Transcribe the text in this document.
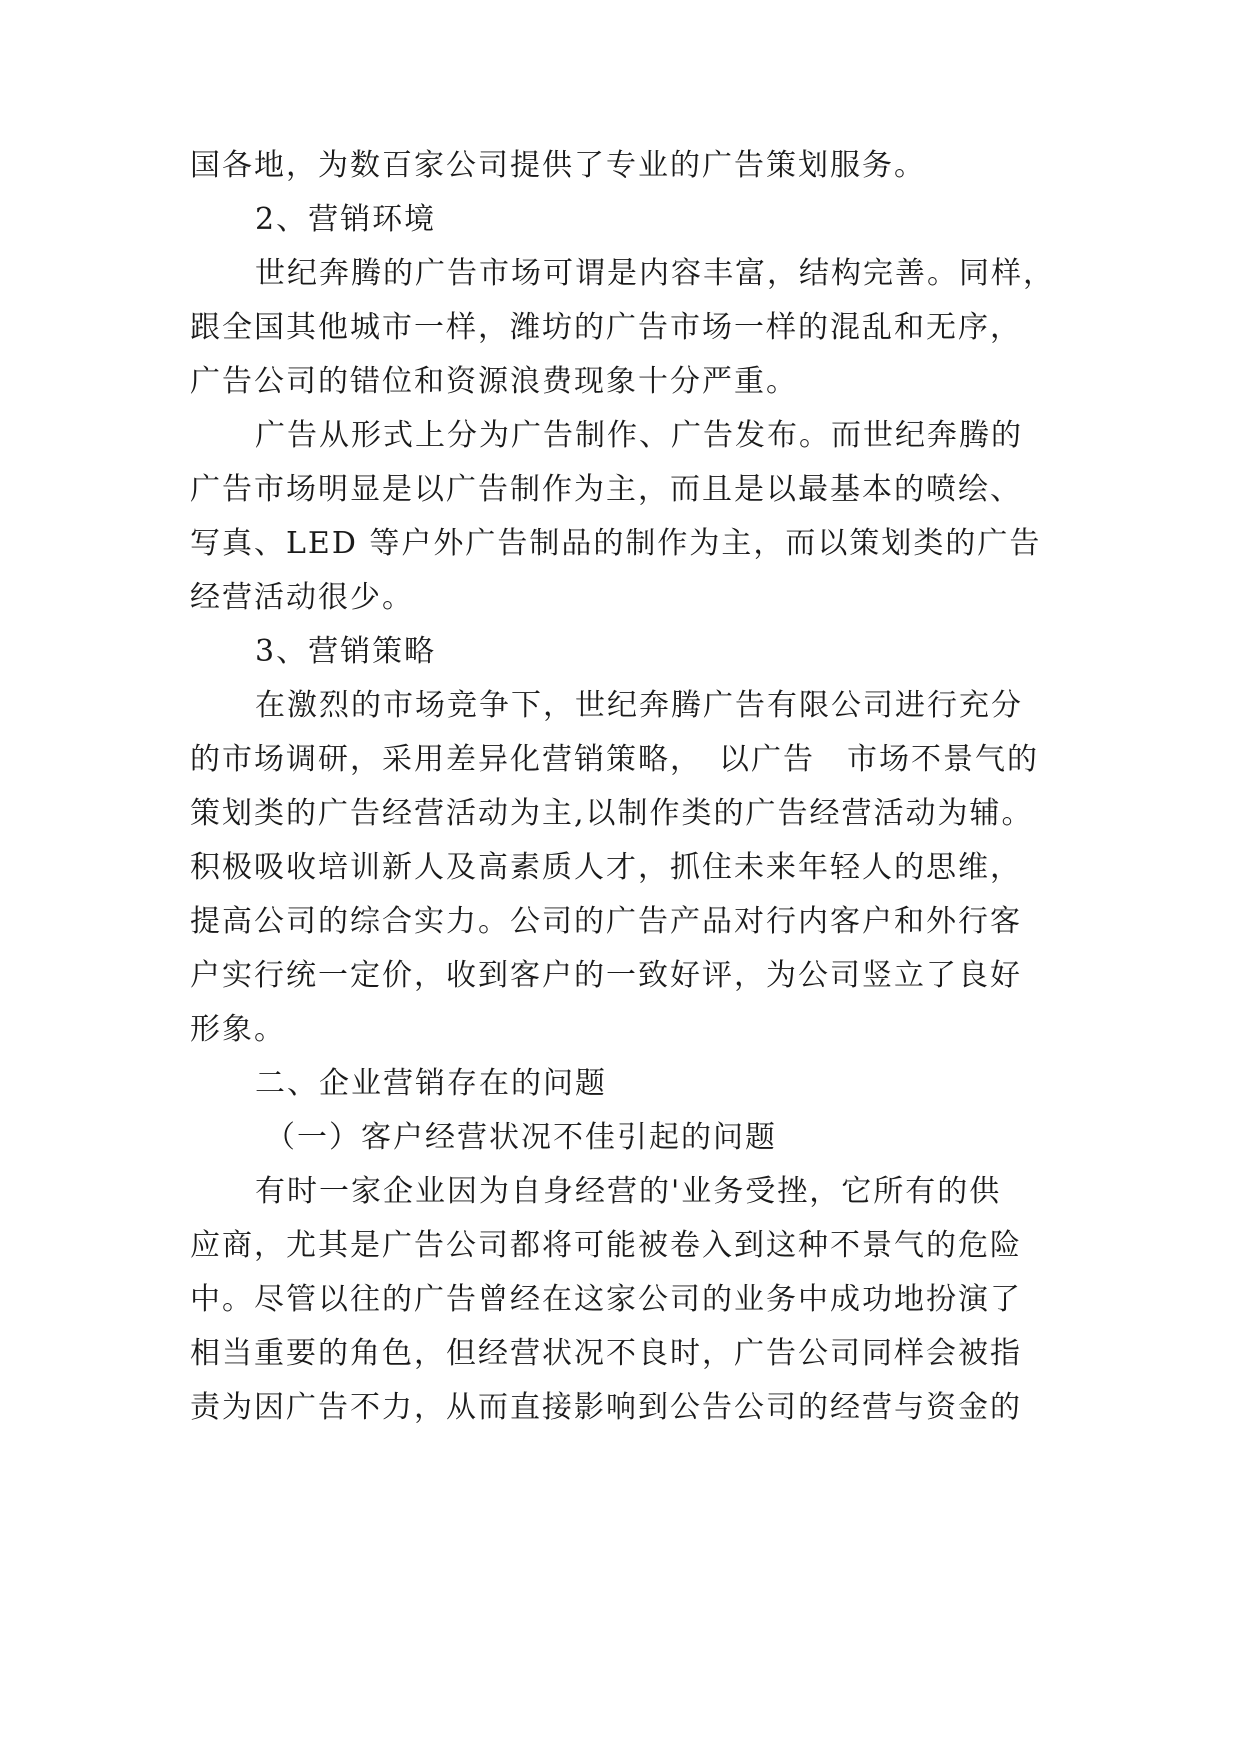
国各地，为数百家公司提供了专业的广告策划服务。
2、营销环境
世纪奔腾的广告市场可谓是内容丰富，结构完善。同样，
跟全国其他城市一样，潍坊的广告市场一样的混乱和无序，
广告公司的错位和资源浪费现象十分严重。
广告从形式上分为广告制作、广告发布。而世纪奔腾的
广告市场明显是以广告制作为主，而且是以最基本的喷绘、
写真、LED 等户外广告制品的制作为主，而以策划类的广告
经营活动很少。
3、营销策略
在激烈的市场竞争下，世纪奔腾广告有限公司进行充分
的市场调研，采用差异化营销策略，　以广告　市场不景气的
策划类的广告经营活动为主,以制作类的广告经营活动为辅。
积极吸收培训新人及高素质人才，抓住未来年轻人的思维，
提高公司的综合实力。公司的广告产品对行内客户和外行客
户实行统一定价，收到客户的一致好评，为公司竖立了良好
形象。
二、企业营销存在的问题
（一）客户经营状况不佳引起的问题
有时一家企业因为自身经营的'业务受挫，它所有的供
应商，尤其是广告公司都将可能被卷入到这种不景气的危险
中。尽管以往的广告曾经在这家公司的业务中成功地扮演了
相当重要的角色，但经营状况不良时，广告公司同样会被指
责为因广告不力，从而直接影响到公告公司的经营与资金的
